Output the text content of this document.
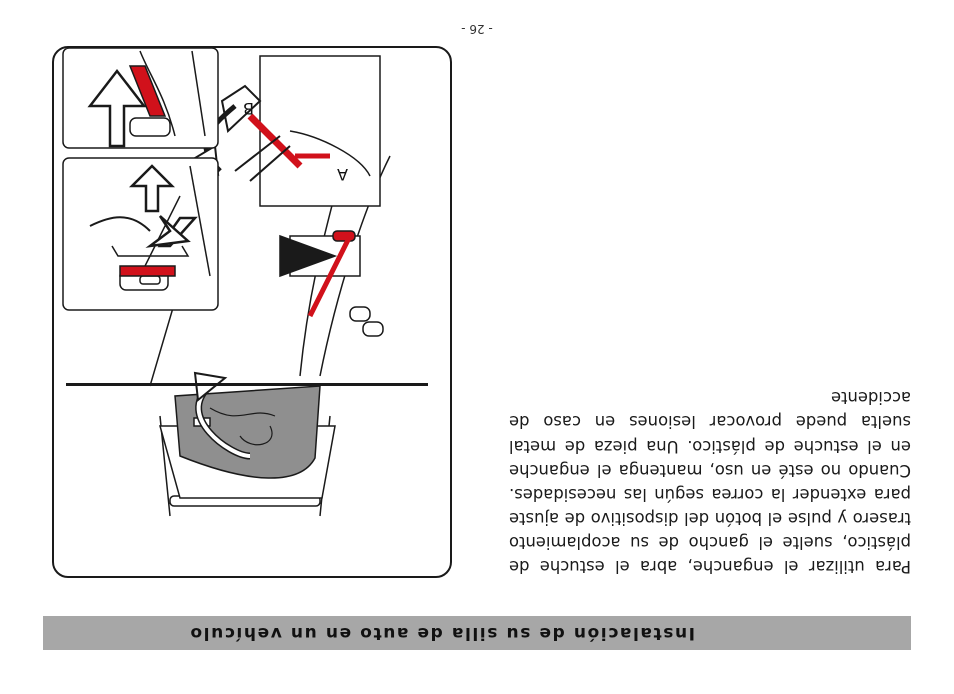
Instalación de su silla de auto en un vehículo

Para utilizar el enganche, abra el estuche de plástico, suelte el gancho de su acoplamiento trasero y pulse el botón del dispositivo de ajuste para extender la correa según las necesidades. Cuando no esté en uso, mantenga el enganche en el estuche de plástico. Una pieza de metal suelta puede provocar lesiones en caso de accidente

- 26 -
A
B
